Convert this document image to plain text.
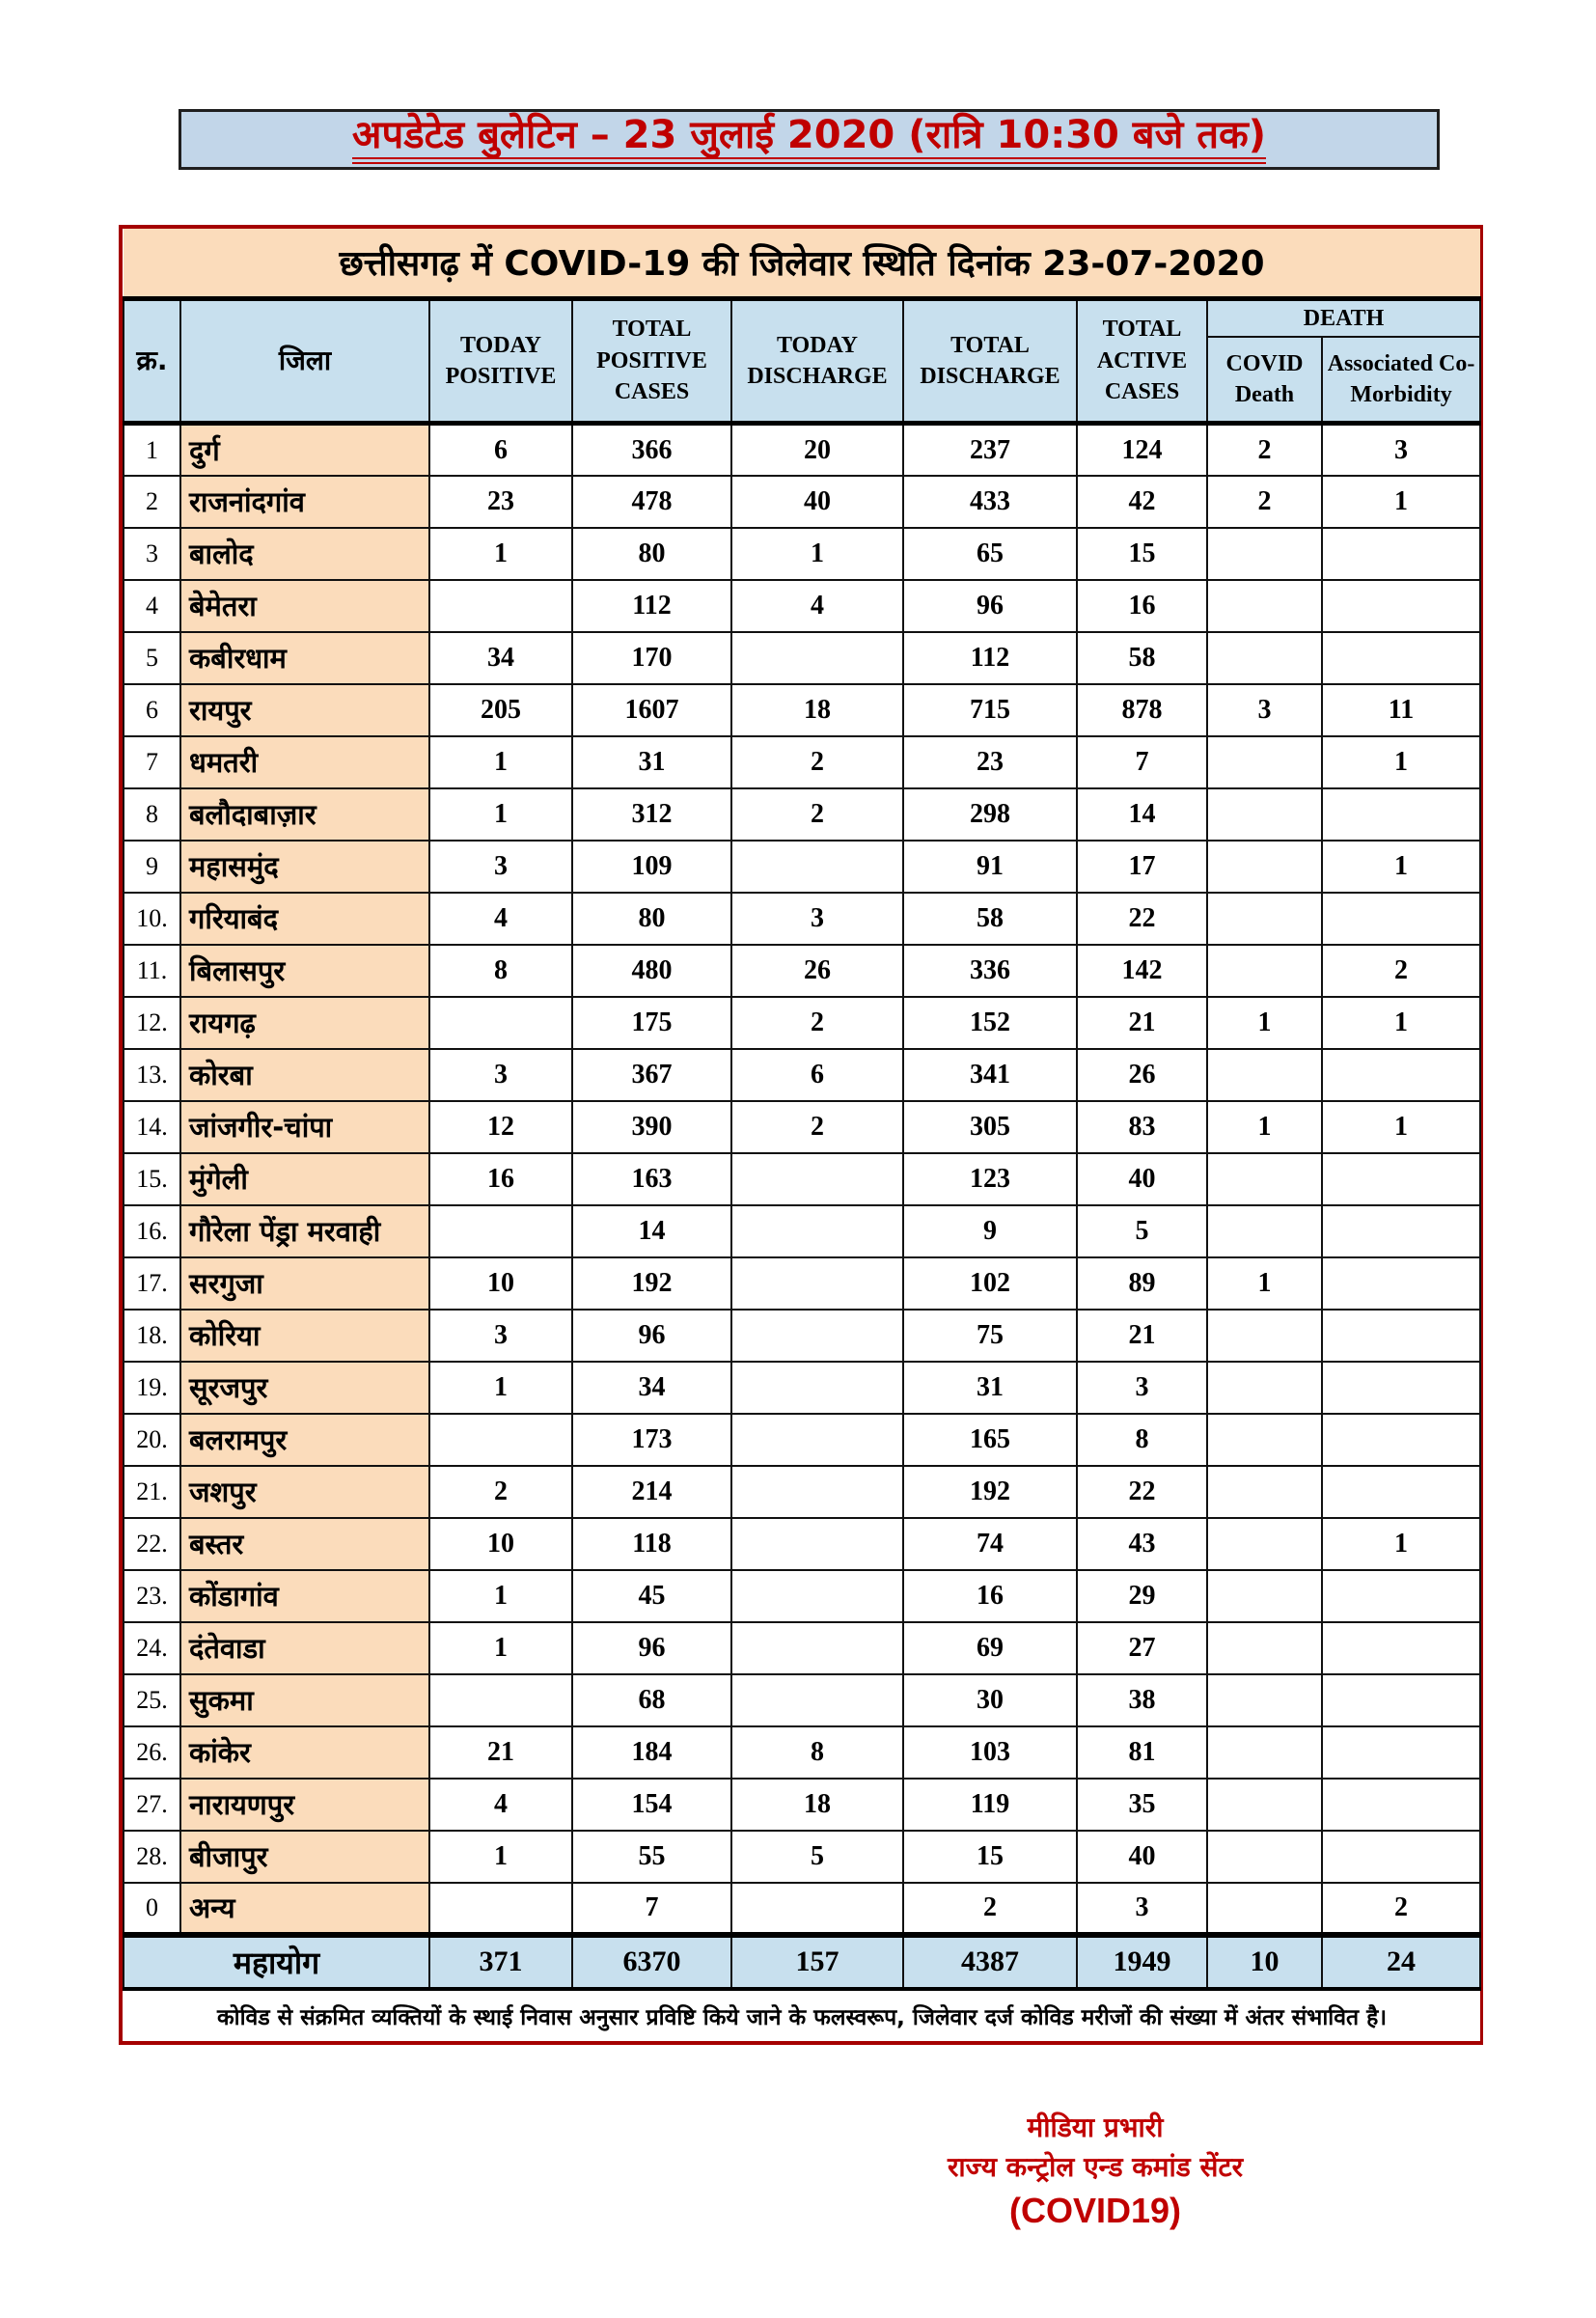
अपडेटेड बुलेटिन – 23 जुलाई 2020 (रात्रि 10:30 बजे तक)
छत्तीसगढ़ में COVID-19 की जिलेवार स्थिति दिनांक 23-07-2020								
क्र.	जिला	TODAY POSITIVE	TOTAL POSITIVE CASES	TODAY DISCHARGE	TOTAL DISCHARGE	TOTAL ACTIVE CASES	DEATH	
							COVID Death	Associated Co-Morbidity
1	दुर्ग	6	366	20	237	124	2	3
2	राजनांदगांव	23	478	40	433	42	2	1
3	बालोद	1	80	1	65	15		
4	बेमेतरा		112	4	96	16		
5	कबीरधाम	34	170		112	58		
6	रायपुर	205	1607	18	715	878	3	11
7	धमतरी	1	31	2	23	7		1
8	बलौदाबाज़ार	1	312	2	298	14		
9	महासमुंद	3	109		91	17		1
10.	गरियाबंद	4	80	3	58	22		
11.	बिलासपुर	8	480	26	336	142		2
12.	रायगढ़		175	2	152	21	1	1
13.	कोरबा	3	367	6	341	26		
14.	जांजगीर-चांपा	12	390	2	305	83	1	1
15.	मुंगेली	16	163		123	40		
16.	गौरेला पेंड्रा मरवाही		14		9	5		
17.	सरगुजा	10	192		102	89	1	
18.	कोरिया	3	96		75	21		
19.	सूरजपुर	1	34		31	3		
20.	बलरामपुर		173		165	8		
21.	जशपुर	2	214		192	22		
22.	बस्तर	10	118		74	43		1
23.	कोंडागांव	1	45		16	29		
24.	दंतेवाडा	1	96		69	27		
25.	सुकमा		68		30	38		
26.	कांकेर	21	184	8	103	81		
27.	नारायणपुर	4	154	18	119	35		
28.	बीजापुर	1	55	5	15	40		
0	अन्य		7		2	3		2
महायोग		371	6370	157	4387	1949	10	24
कोविड से संक्रमित व्यक्तियों के स्थाई निवास अनुसार प्रविष्टि किये जाने के फलस्वरूप, जिलेवार दर्ज कोविड मरीजों की संख्या में अंतर संभावित है।								
मीडिया प्रभारी
राज्य कन्ट्रोल एन्ड कमांड सेंटर
(COVID19)
